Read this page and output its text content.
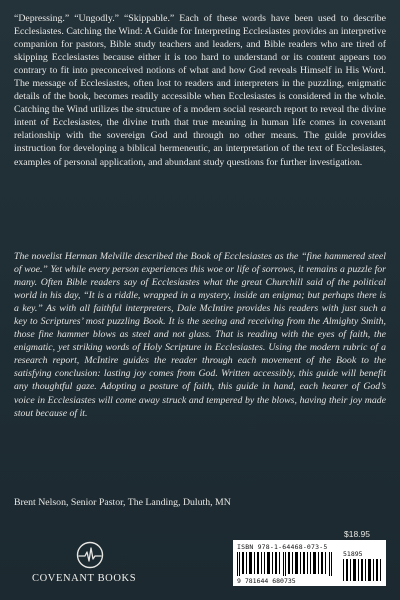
“Depressing.” “Ungodly.” “Skippable.” Each of these words have been used to describe Ecclesiastes. Catching the Wind: A Guide for Interpreting Ecclesiastes provides an interpretive companion for pastors, Bible study teachers and leaders, and Bible readers who are tired of skipping Ecclesiastes because either it is too hard to understand or its content appears too contrary to fit into preconceived notions of what and how God reveals Himself in His Word. The message of Ecclesiastes, often lost to readers and interpreters in the puzzling, enigmatic details of the book, becomes readily accessible when Ecclesiastes is considered in the whole. Catching the Wind utilizes the structure of a modern social research report to reveal the divine intent of Ecclesiastes, the divine truth that true meaning in human life comes in covenant relationship with the sovereign God and through no other means. The guide provides instruction for developing a biblical hermeneutic, an interpretation of the text of Ecclesiastes, examples of personal application, and abundant study questions for further investigation.

The novelist Herman Melville described the Book of Ecclesiastes as the “fine hammered steel of woe.” Yet while every person experiences this woe or life of sorrows, it remains a puzzle for many. Often Bible readers say of Ecclesiastes what the great Churchill said of the political world in his day, “It is a riddle, wrapped in a mystery, inside an enigma; but perhaps there is a key.” As with all faithful interpreters, Dale McIntire provides his readers with just such a key to Scriptures’ most puzzling Book. It is the seeing and receiving from the Almighty Smith, those fine hammer blows as steel and not glass. That is reading with the eyes of faith, the enigmatic, yet striking words of Holy Scripture in Ecclesiastes. Using the modern rubric of a research report, McIntire guides the reader through each movement of the Book to the satisfying conclusion: lasting joy comes from God. Written accessibly, this guide will benefit any thoughtful gaze. Adopting a posture of faith, this guide in hand, each hearer of God’s voice in Ecclesiastes will come away struck and tempered by the blows, having their joy made stout because of it.

Brent Nelson, Senior Pastor, The Landing, Duluth, MN

COVENANT BOOKS
$18.95
ISBN 978-1-64468-073-5
9 781644 680735
51895
